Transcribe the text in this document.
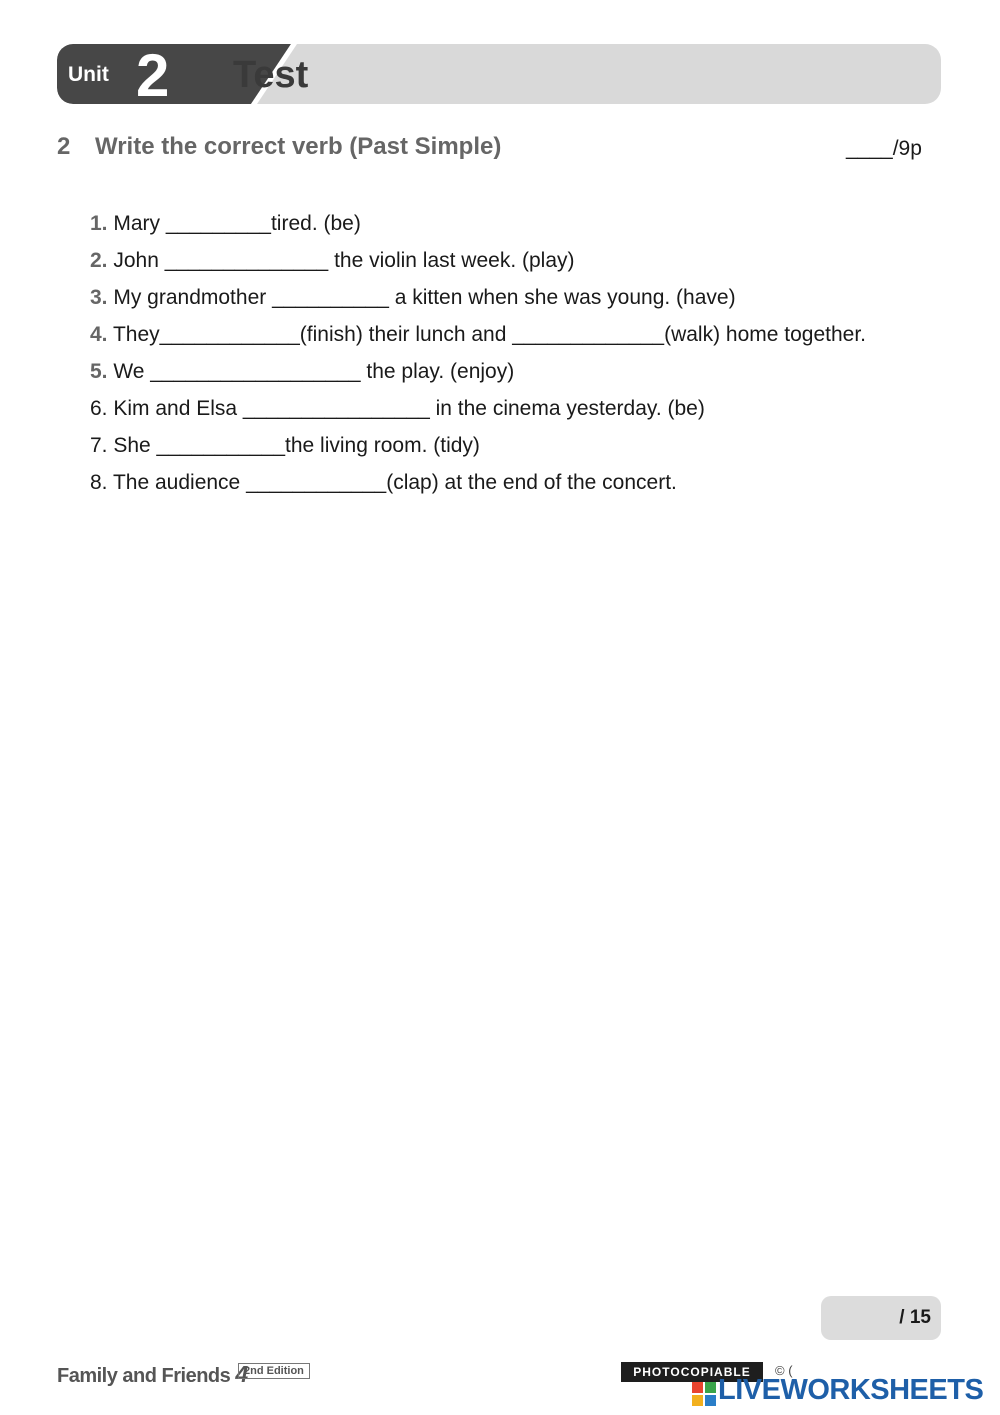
Unit 2 Test
2 Write the correct verb (Past Simple)	____/9p
1. Mary _________tired. (be)
2. John ______________ the violin last week. (play)
3. My grandmother __________ a kitten when she was young. (have)
4. They____________(finish) their lunch and _____________(walk) home together.
5. We __________________ the play. (enjoy)
6. Kim and Elsa ________________ in the cinema yesterday. (be)
7. She ___________the living room. (tidy)
8. The audience ____________(clap) at the end of the concert.
/ 15
Family and Friends 4
2nd Edition	PHOTOCOPIABLE	© (
LIVEWORKSHEETS
